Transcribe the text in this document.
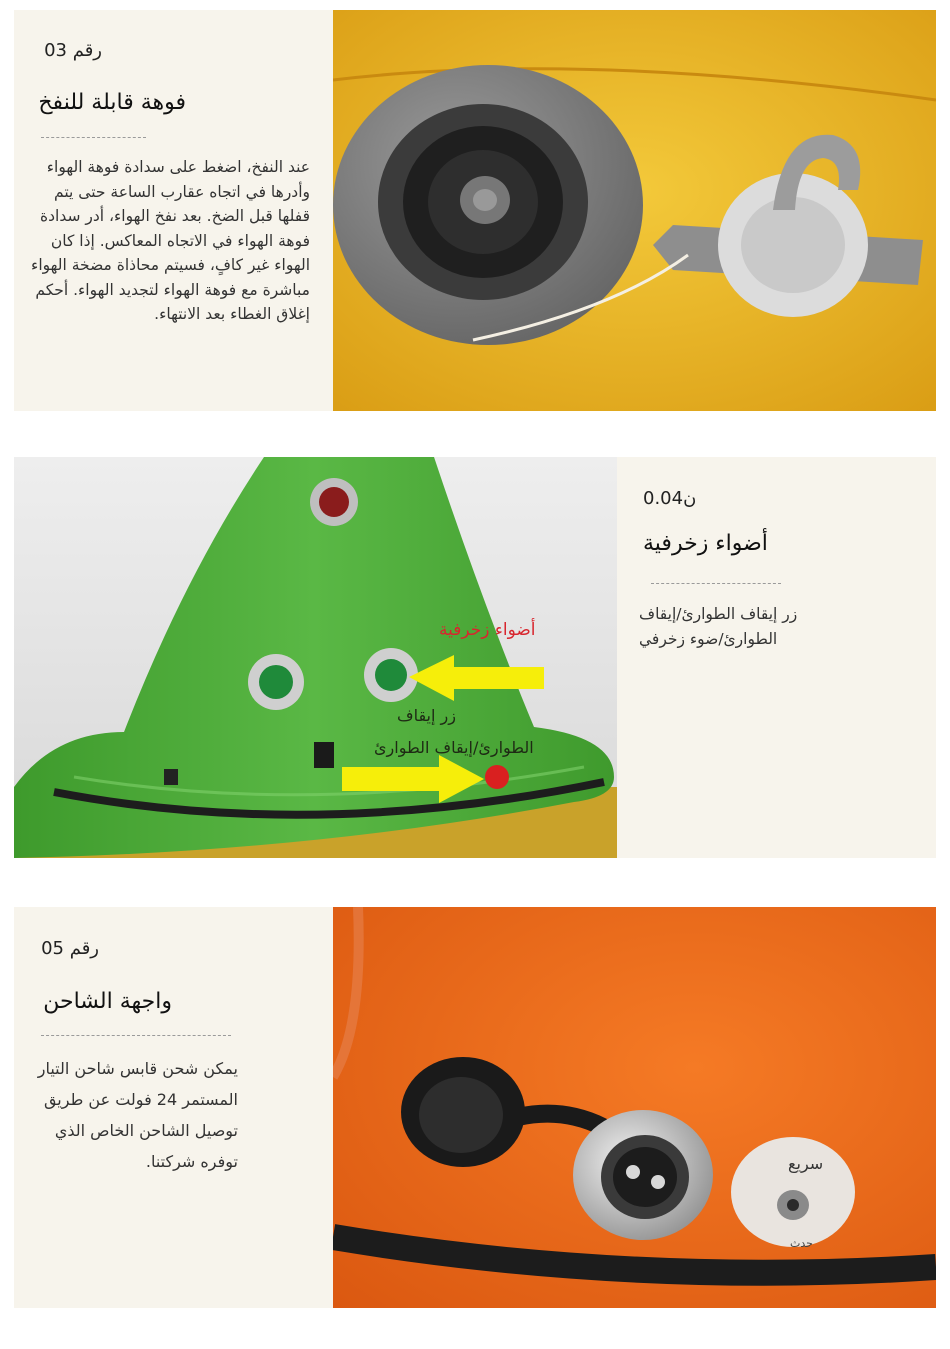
رقم 03
فوهة قابلة للنفخ
عند النفخ، اضغط على سدادة فوهة الهواء وأدرها في اتجاه عقارب الساعة حتى يتم قفلها قبل الضخ. بعد نفخ الهواء، أدر سدادة فوهة الهواء في الاتجاه المعاكس. إذا كان الهواء غير كافٍ، فسيتم محاذاة مضخة الهواء مباشرة مع فوهة الهواء لتجديد الهواء. أحكم إغلاق الغطاء بعد الانتهاء.
أضواء زخرفية
زر إيقاف
الطوارئ/إيقاف الطوارئ
ن0.04
أضواء زخرفية
زر إيقاف الطوارئ/إيقاف الطوارئ/ضوء زخرفي
رقم 05
واجهة الشاحن
يمكن شحن قابس شاحن التيار المستمر 24 فولت عن طريق توصيل الشاحن الخاص الذي توفره شركتنا.	سريع
حدث
